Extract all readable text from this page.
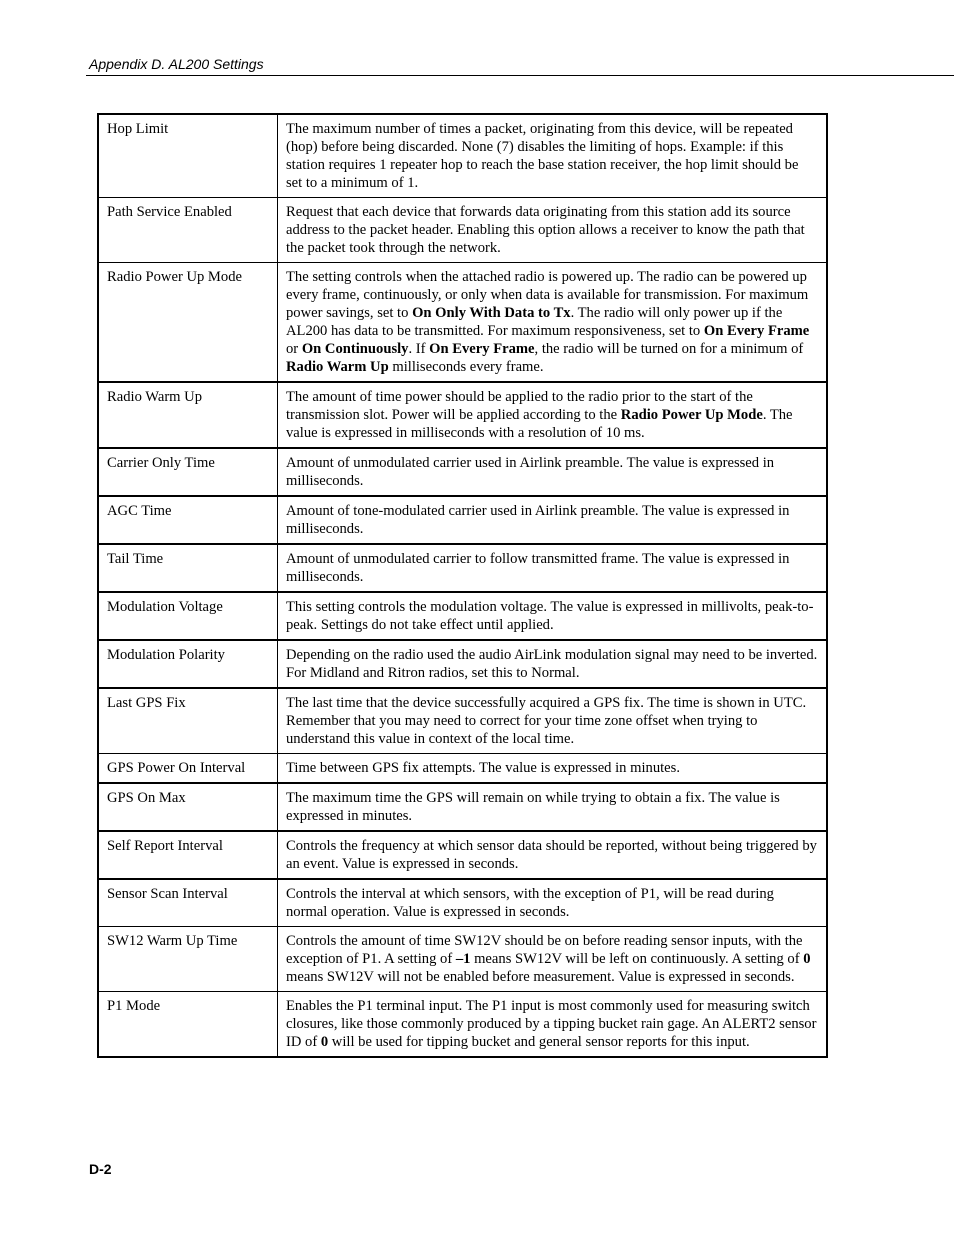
Appendix D. AL200 Settings
Hop Limit	The maximum number of times a packet, originating from this device, will be repeated (hop) before being discarded. None (7) disables the limiting of hops. Example: if this station requires 1 repeater hop to reach the base station receiver, the hop limit should be set to a minimum of 1.
Path Service Enabled	Request that each device that forwards data originating from this station add its source address to the packet header. Enabling this option allows a receiver to know the path that the packet took through the network.
Radio Power Up Mode	The setting controls when the attached radio is powered up. The radio can be powered up every frame, continuously, or only when data is available for transmission. For maximum power savings, set to On Only With Data to Tx. The radio will only power up if the AL200 has data to be transmitted. For maximum responsiveness, set to On Every Frame or On Continuously. If On Every Frame, the radio will be turned on for a minimum of Radio Warm Up milliseconds every frame.
Radio Warm Up	The amount of time power should be applied to the radio prior to the start of the transmission slot. Power will be applied according to the Radio Power Up Mode. The value is expressed in milliseconds with a resolution of 10 ms.
Carrier Only Time	Amount of unmodulated carrier used in Airlink preamble. The value is expressed in milliseconds.
AGC Time	Amount of tone-modulated carrier used in Airlink preamble. The value is expressed in milliseconds.
Tail Time	Amount of unmodulated carrier to follow transmitted frame. The value is expressed in milliseconds.
Modulation Voltage	This setting controls the modulation voltage. The value is expressed in millivolts, peak-to-peak. Settings do not take effect until applied.
Modulation Polarity	Depending on the radio used the audio AirLink modulation signal may need to be inverted. For Midland and Ritron radios, set this to Normal.
Last GPS Fix	The last time that the device successfully acquired a GPS fix. The time is shown in UTC. Remember that you may need to correct for your time zone offset when trying to understand this value in context of the local time.
GPS Power On Interval	Time between GPS fix attempts. The value is expressed in minutes.
GPS On Max	The maximum time the GPS will remain on while trying to obtain a fix. The value is expressed in minutes.
Self Report Interval	Controls the frequency at which sensor data should be reported, without being triggered by an event. Value is expressed in seconds.
Sensor Scan Interval	Controls the interval at which sensors, with the exception of P1, will be read during normal operation. Value is expressed in seconds.
SW12 Warm Up Time	Controls the amount of time SW12V should be on before reading sensor inputs, with the exception of P1. A setting of –1 means SW12V will be left on continuously. A setting of 0 means SW12V will not be enabled before measurement. Value is expressed in seconds.
P1 Mode	Enables the P1 terminal input. The P1 input is most commonly used for measuring switch closures, like those commonly produced by a tipping bucket rain gage. An ALERT2 sensor ID of 0 will be used for tipping bucket and general sensor reports for this input.
D-2
